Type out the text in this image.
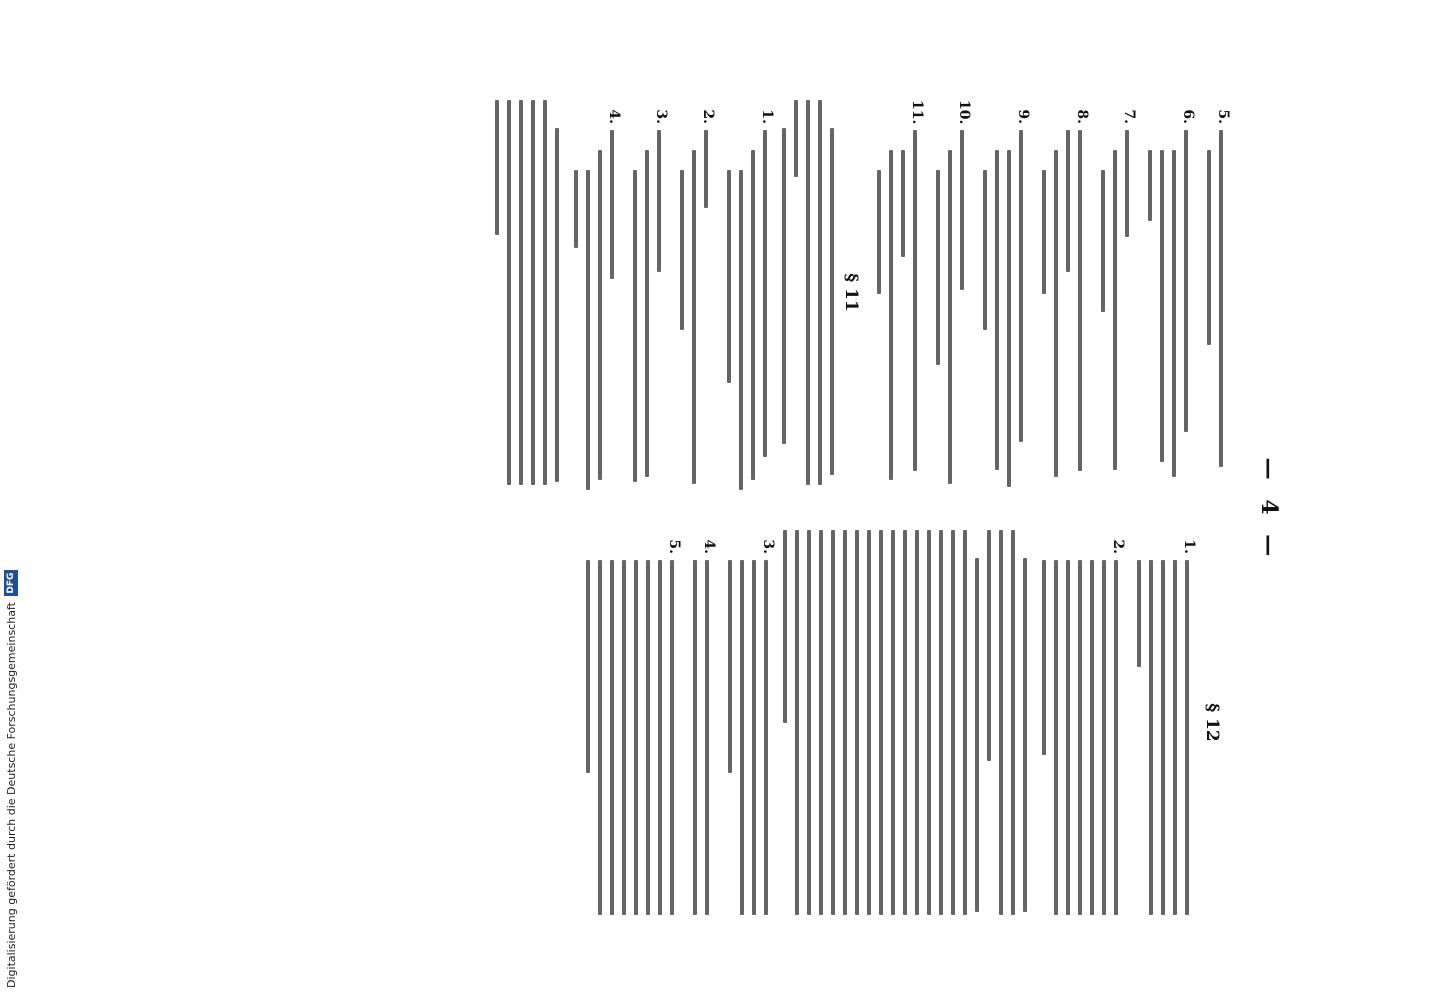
— 4 —
5.
6.
7.
8.
9.
10.
11.
§ 11
1.
2.
3.
4.
§ 12
1.
2.
3.
4.
5.
Digitalisierung gefördert durch die Deutsche Forschungsgemeinschaft
DFG
